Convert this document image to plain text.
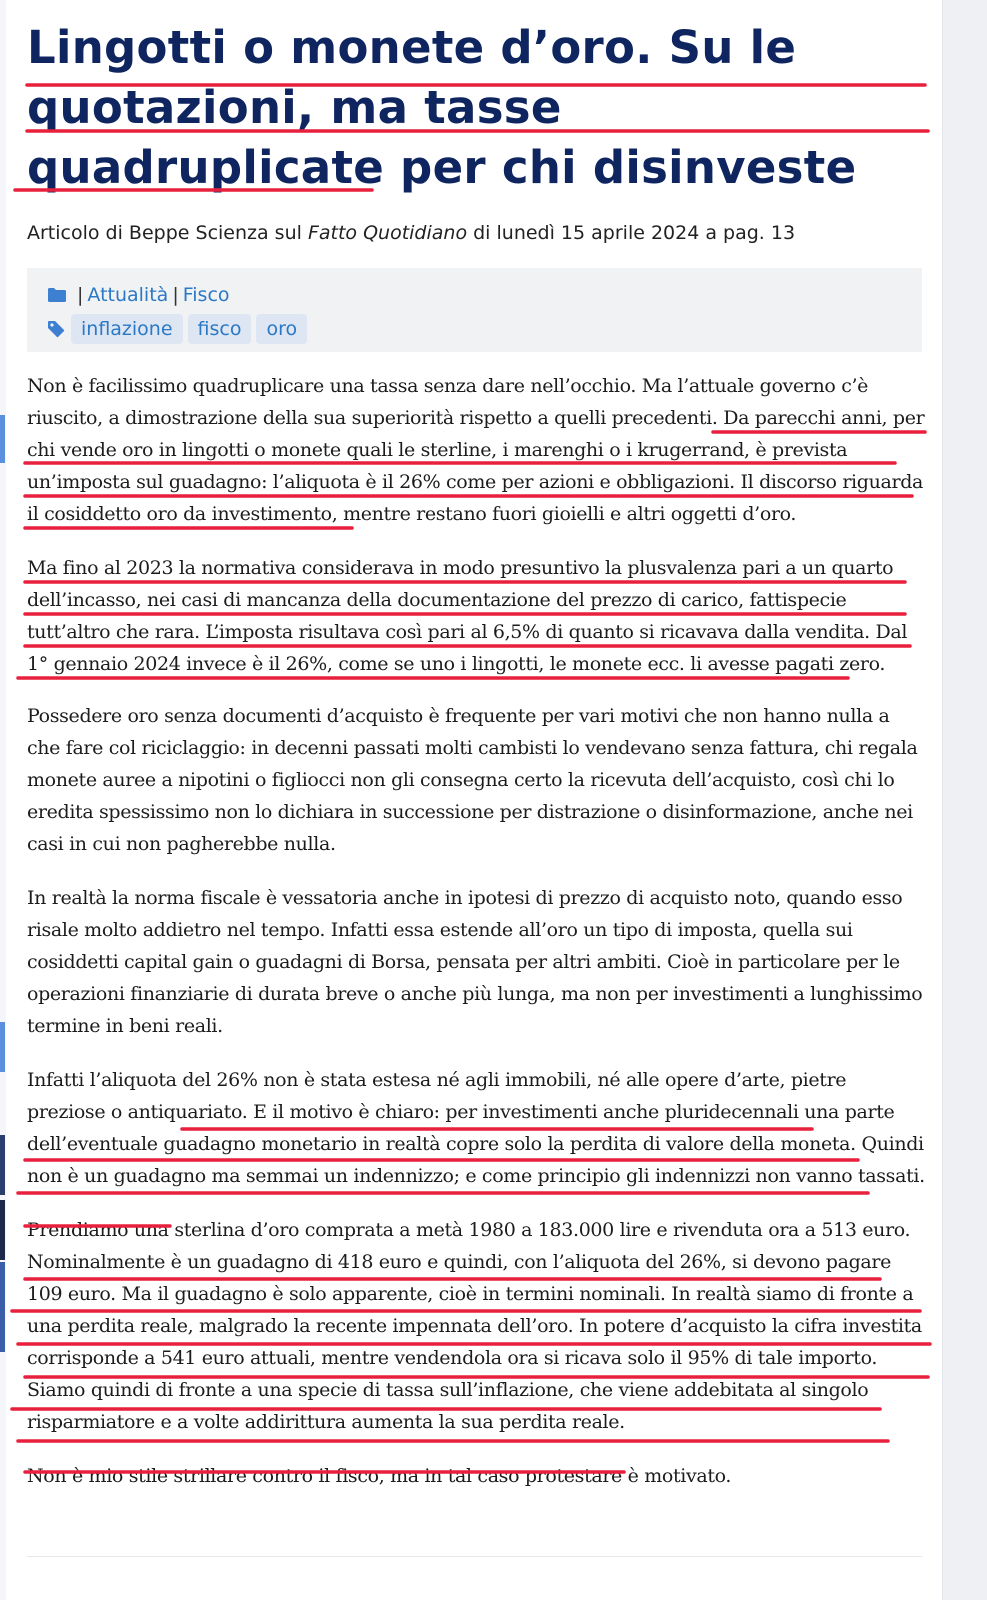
Lingotti o monete d’oro. Su le quotazioni, ma tasse quadruplicate per chi disinveste

Articolo di Beppe Scienza sul Fatto Quotidiano di lunedì 15 aprile 2024 a pag. 13

| Attualità | Fisco
inflazione	fisco	oro

Non è facilissimo quadruplicare una tassa senza dare nell’occhio. Ma l’attuale governo c’è riuscito, a dimostrazione della sua superiorità rispetto a quelli precedenti. Da parecchi anni, per chi vende oro in lingotti o monete quali le sterline, i marenghi o i krugerrand, è prevista un’imposta sul guadagno: l’aliquota è il 26% come per azioni e obbligazioni. Il discorso riguarda il cosiddetto oro da investimento, mentre restano fuori gioielli e altri oggetti d’oro.

Ma fino al 2023 la normativa considerava in modo presuntivo la plusvalenza pari a un quarto dell’incasso, nei casi di mancanza della documentazione del prezzo di carico, fattispecie tutt’altro che rara. L’imposta risultava così pari al 6,5% di quanto si ricavava dalla vendita. Dal 1° gennaio 2024 invece è il 26%, come se uno i lingotti, le monete ecc. li avesse pagati zero.

Possedere oro senza documenti d’acquisto è frequente per vari motivi che non hanno nulla a che fare col riciclaggio: in decenni passati molti cambisti lo vendevano senza fattura, chi regala monete auree a nipotini o figliocci non gli consegna certo la ricevuta dell’acquisto, così chi lo eredita spessissimo non lo dichiara in successione per distrazione o disinformazione, anche nei casi in cui non pagherebbe nulla.

In realtà la norma fiscale è vessatoria anche in ipotesi di prezzo di acquisto noto, quando esso risale molto addietro nel tempo. Infatti essa estende all’oro un tipo di imposta, quella sui cosiddetti capital gain o guadagni di Borsa, pensata per altri ambiti. Cioè in particolare per le operazioni finanziarie di durata breve o anche più lunga, ma non per investimenti a lunghissimo termine in beni reali.

Infatti l’aliquota del 26% non è stata estesa né agli immobili, né alle opere d’arte, pietre preziose o antiquariato. E il motivo è chiaro: per investimenti anche pluridecennali una parte dell’eventuale guadagno monetario in realtà copre solo la perdita di valore della moneta. Quindi non è un guadagno ma semmai un indennizzo; e come principio gli indennizzi non vanno tassati.

Prendiamo una sterlina d’oro comprata a metà 1980 a 183.000 lire e rivenduta ora a 513 euro. Nominalmente è un guadagno di 418 euro e quindi, con l’aliquota del 26%, si devono pagare 109 euro. Ma il guadagno è solo apparente, cioè in termini nominali. In realtà siamo di fronte a una perdita reale, malgrado la recente impennata dell’oro. In potere d’acquisto la cifra investita corrisponde a 541 euro attuali, mentre vendendola ora si ricava solo il 95% di tale importo. Siamo quindi di fronte a una specie di tassa sull’inflazione, che viene addebitata al singolo risparmiatore e a volte addirittura aumenta la sua perdita reale.

Non è mio stile strillare contro il fisco, ma in tal caso protestare è motivato.
